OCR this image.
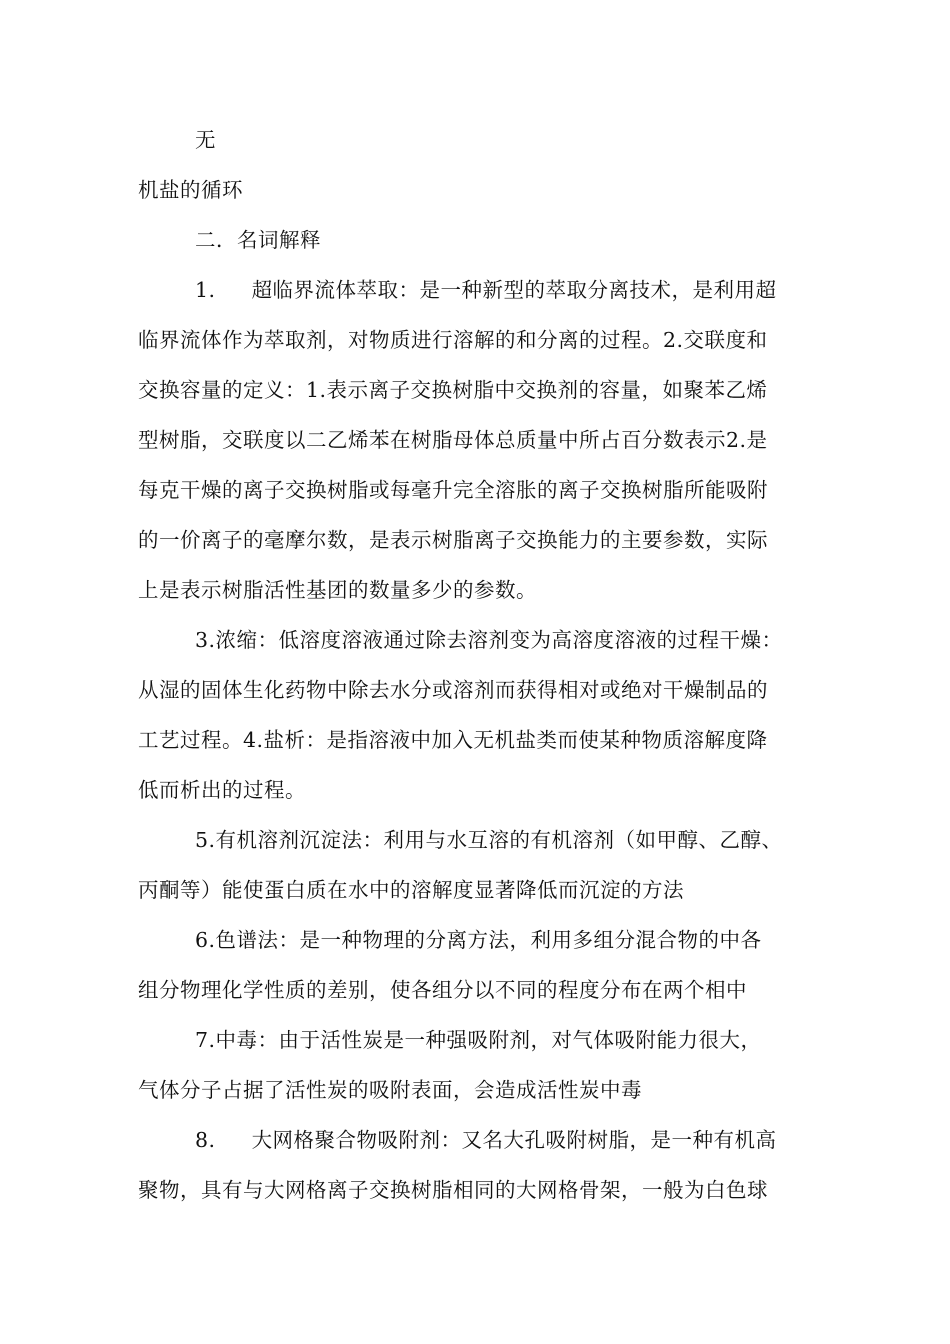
无

机盐的循环

二．名词解释

1. 超临界流体萃取：是一种新型的萃取分离技术，是利用超

临界流体作为萃取剂，对物质进行溶解的和分离的过程。2.交联度和

交换容量的定义：1.表示离子交换树脂中交换剂的容量，如聚苯乙烯

型树脂，交联度以二乙烯苯在树脂母体总质量中所占百分数表示2.是

每克干燥的离子交换树脂或每毫升完全溶胀的离子交换树脂所能吸附

的一价离子的毫摩尔数，是表示树脂离子交换能力的主要参数，实际

上是表示树脂活性基团的数量多少的参数。

3.浓缩：低溶度溶液通过除去溶剂变为高溶度溶液的过程干燥：

从湿的固体生化药物中除去水分或溶剂而获得相对或绝对干燥制品的

工艺过程。4.盐析：是指溶液中加入无机盐类而使某种物质溶解度降

低而析出的过程。

5.有机溶剂沉淀法：利用与水互溶的有机溶剂（如甲醇、乙醇、

丙酮等）能使蛋白质在水中的溶解度显著降低而沉淀的方法

6.色谱法：是一种物理的分离方法，利用多组分混合物的中各

组分物理化学性质的差别，使各组分以不同的程度分布在两个相中

7.中毒：由于活性炭是一种强吸附剂，对气体吸附能力很大，

气体分子占据了活性炭的吸附表面，会造成活性炭中毒

8. 大网格聚合物吸附剂：又名大孔吸附树脂，是一种有机高

聚物，具有与大网格离子交换树脂相同的大网格骨架，一般为白色球
